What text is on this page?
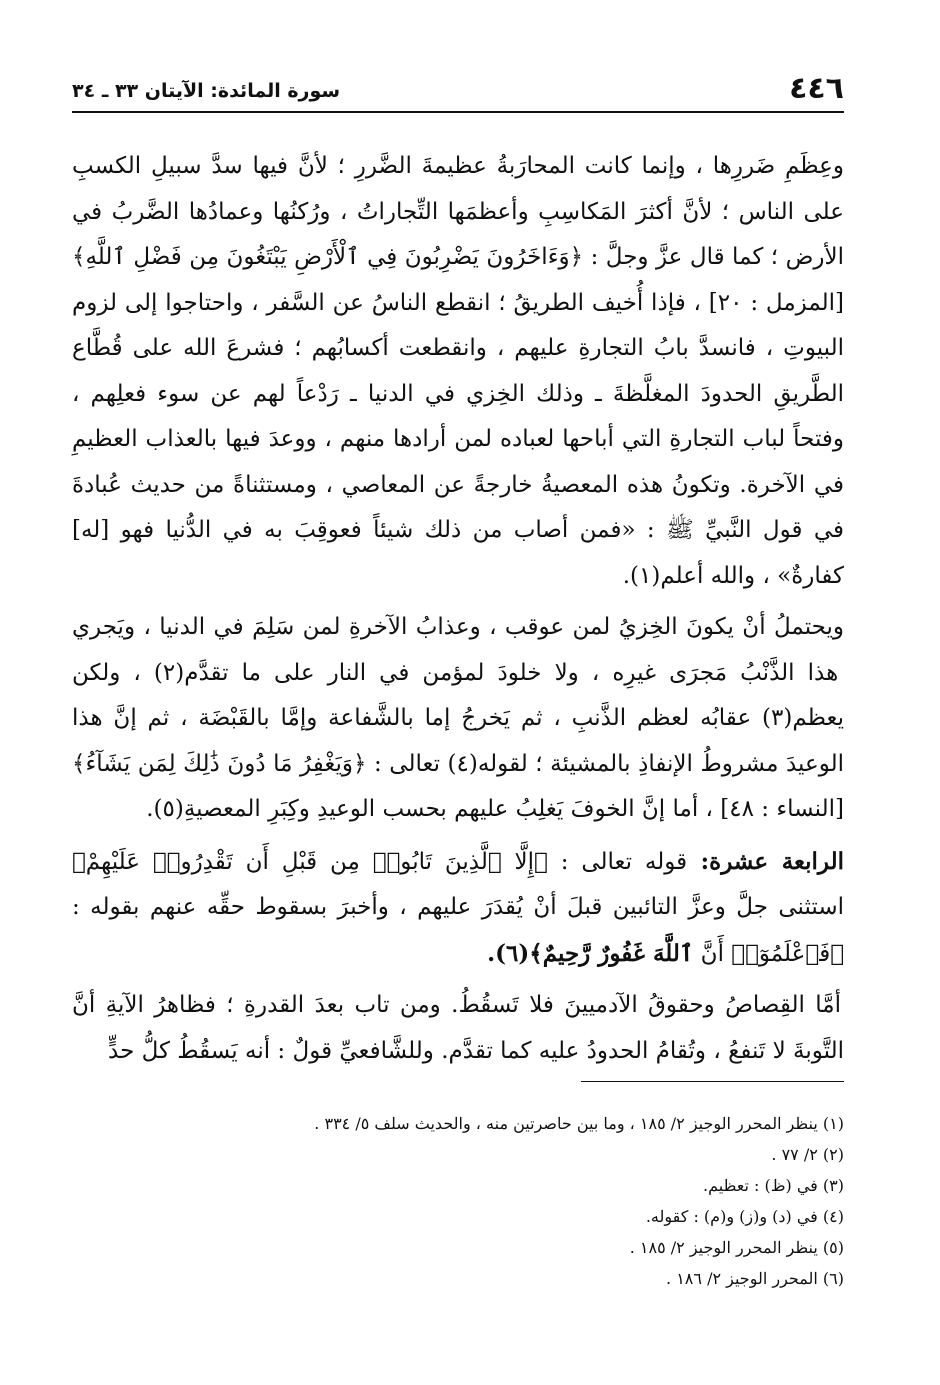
٤٤٦
سورة المائدة: الآيتان ٣٣ ـ ٣٤
وعِظَمِ ضَررِها ، وإنما كانت المحارَبةُ عظيمةَ الضَّررِ ؛ لأنَّ فيها سدَّ سبيلِ الكسبِ على الناس ؛ لأنَّ أكثرَ المَكاسِبِ وأعظمَها التِّجاراتُ ، ورُكنُها وعمادُها الضَّربُ في الأرض ؛ كما قال عزَّ وجلَّ : ﴿وَءَاخَرُونَ يَضْرِبُونَ فِي ٱلْأَرْضِ يَبْتَغُونَ مِن فَضْلِ ٱللَّهِ﴾ [المزمل : ٢٠] ، فإذا أُخيف الطريقُ ؛ انقطع الناسُ عن السَّفر ، واحتاجوا إلى لزوم البيوتِ ، فانسدَّ بابُ التجارةِ عليهم ، وانقطعت أكسابُهم ؛ فشرعَ الله على قُطَّاع الطَّريقِ الحدودَ المغلَّظةَ ـ وذلك الخِزي في الدنيا ـ رَدْعاً لهم عن سوء فعلِهم ، وفتحاً لباب التجارةِ التي أباحها لعباده لمن أرادها منهم ، ووعدَ فيها بالعذاب العظيمِ في الآخرة. وتكونُ هذه المعصيةُ خارجةً عن المعاصي ، ومستثناةً من حديث عُبادةَ في قول النَّبيِّ ﷺ : «فمن أصاب من ذلك شيئاً فعوقِبَ به في الدُّنيا فهو [له] كفارةٌ» ، والله أعلم(١).
ويحتملُ أنْ يكونَ الخِزيُ لمن عوقب ، وعذابُ الآخرةِ لمن سَلِمَ في الدنيا ، ويَجري هذا الذَّنْبُ مَجرَى غيرِه ، ولا خلودَ لمؤمن في النار على ما تقدَّم(٢) ، ولكن يعظم(٣) عقابُه لعظم الذَّنبِ ، ثم يَخرجُ إما بالشَّفاعة وإمَّا بالقَبْضَة ، ثم إنَّ هذا الوعيدَ مشروطُ الإنفاذِ بالمشيئة ؛ لقوله(٤) تعالى : ﴿وَيَغْفِرُ مَا دُونَ ذَٰلِكَ لِمَن يَشَآءُ﴾ [النساء : ٤٨] ، أما إنَّ الخوفَ يَغلِبُ عليهم بحسب الوعيدِ وكِبَرِ المعصيةِ(٥).
الرابعة عشرة: قوله تعالى : ﴿إِلَّا ٱلَّذِينَ تَابُوا۟ مِن قَبْلِ أَن تَقْدِرُوا۟ عَلَيْهِمْ﴾ استثنى جلَّ وعزَّ التائبين قبلَ أنْ يُقدَرَ عليهم ، وأخبرَ بسقوط حقِّه عنهم بقوله : ﴿فَٱعْلَمُوٓا۟ أَنَّ ٱللَّهَ غَفُورٌ رَّحِيمٌ﴾(٦).
أمَّا القِصاصُ وحقوقُ الآدميينَ فلا تَسقُطُ. ومن تاب بعدَ القدرةِ ؛ فظاهرُ الآيةِ أنَّ التَّوبةَ لا تَنفعُ ، وتُقامُ الحدودُ عليه كما تقدَّم. وللشَّافعيِّ قولٌ : أنه يَسقُطُ كلُّ حدٍّ
(١) ينظر المحرر الوجيز ٢/ ١٨٥ ، وما بين حاصرتين منه ، والحديث سلف ٥/ ٣٣٤ .
(٢) ٢/ ٧٧ .
(٣) في (ظ) : تعظيم.
(٤) في (د) و(ز) و(م) : كقوله.
(٥) ينظر المحرر الوجيز ٢/ ١٨٥ .
(٦) المحرر الوجيز ٢/ ١٨٦ .
